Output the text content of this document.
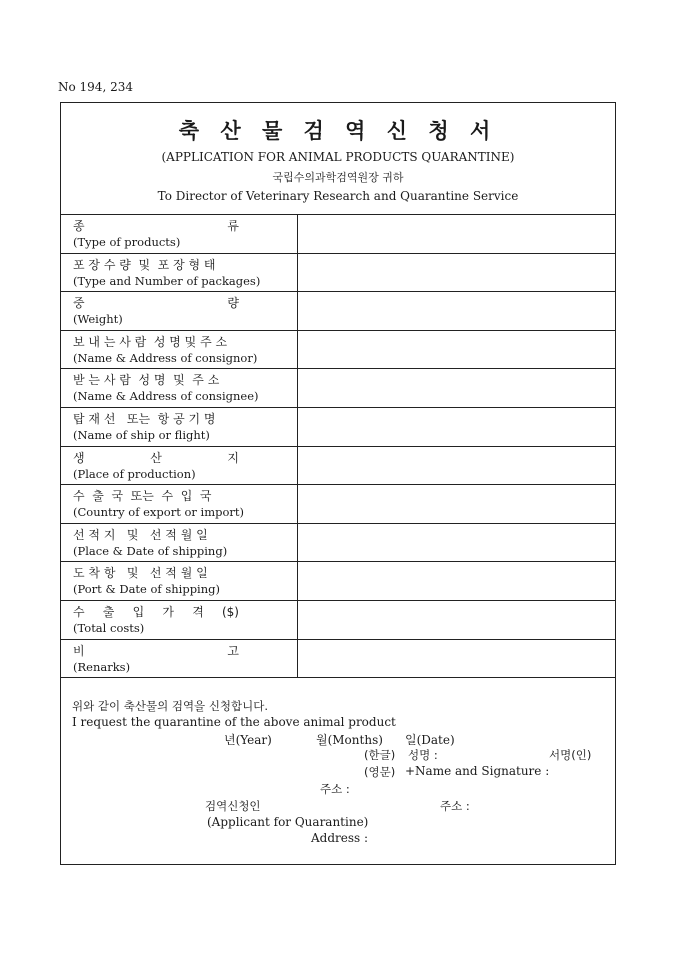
No 194, 234
축 산 물 검 역 신 청 서
(APPLICATION FOR ANIMAL PRODUCTS QUARANTINE)
국립수의과학검역원장 귀하
To Director of Veterinary Research and Quarantine Service
종	류
(Type of products)
포 장 수 량  및  포 장 형 태
(Type and Number of packages)
중	량
(Weight)
보 내 는 사 람  성 명 및 주 소
(Name & Address of consignor)
받 는 사 람  성 명  및  주 소
(Name & Address of consignee)
탑 재 선   또는  항 공 기 명
(Name of ship or flight)
생	산	지
(Place of production)
수  출  국  또는  수  입  국
(Country of export or import)
선 적 지   및   선 적 월 일
(Place & Date of shipping)
도 착 항   및   선 적 월 일
(Port & Date of shipping)
수 출 입 가 격 ($)
(Total costs)
비	고
(Renarks)
위와 같이 축산물의 검역을 신청합니다.
I request the quarantine of the above animal product
년(Year)	월(Months) 일(Date)
(한글) 성명 :	서명(인)
(영문) +Name and Signature :
주소 :
검역신청인	주소 :
(Applicant for Quarantine)
Address :
